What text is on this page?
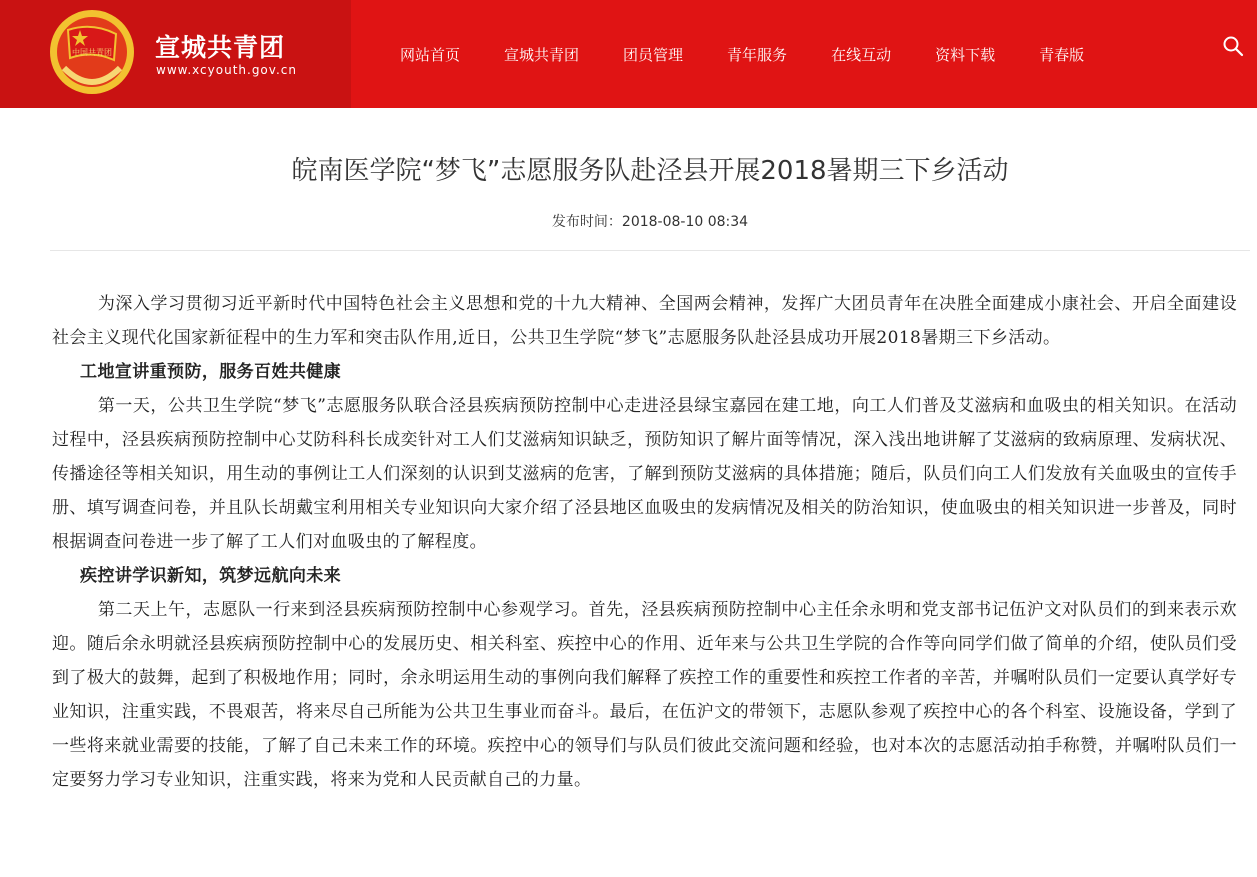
中国共青团 宣城共青团
www.xcyouth.gov.cn
网站首页	宣城共青团	团员管理	青年服务	在线互动	资料下载	青春版
皖南医学院“梦飞”志愿服务队赴泾县开展2018暑期三下乡活动
发布时间：2018-08-10 08:34

为深入学习贯彻习近平新时代中国特色社会主义思想和党的十九大精神、全国两会精神，发挥广大团员青年在决胜全面建成小康社会、开启全面建设社会主义现代化国家新征程中的生力军和突击队作用,近日，公共卫生学院“梦飞”志愿服务队赴泾县成功开展2018暑期三下乡活动。

工地宣讲重预防，服务百姓共健康

第一天，公共卫生学院“梦飞”志愿服务队联合泾县疾病预防控制中心走进泾县绿宝嘉园在建工地，向工人们普及艾滋病和血吸虫的相关知识。在活动过程中，泾县疾病预防控制中心艾防科科长成奕针对工人们艾滋病知识缺乏，预防知识了解片面等情况，深入浅出地讲解了艾滋病的致病原理、发病状况、传播途径等相关知识，用生动的事例让工人们深刻的认识到艾滋病的危害，了解到预防艾滋病的具体措施；随后，队员们向工人们发放有关血吸虫的宣传手册、填写调查问卷，并且队长胡戴宝利用相关专业知识向大家介绍了泾县地区血吸虫的发病情况及相关的防治知识，使血吸虫的相关知识进一步普及，同时根据调查问卷进一步了解了工人们对血吸虫的了解程度。

疾控讲学识新知，筑梦远航向未来

第二天上午，志愿队一行来到泾县疾病预防控制中心参观学习。首先，泾县疾病预防控制中心主任余永明和党支部书记伍沪文对队员们的到来表示欢迎。随后余永明就泾县疾病预防控制中心的发展历史、相关科室、疾控中心的作用、近年来与公共卫生学院的合作等向同学们做了简单的介绍，使队员们受到了极大的鼓舞，起到了积极地作用；同时，余永明运用生动的事例向我们解释了疾控工作的重要性和疾控工作者的辛苦，并嘱咐队员们一定要认真学好专业知识，注重实践，不畏艰苦，将来尽自己所能为公共卫生事业而奋斗。最后，在伍沪文的带领下，志愿队参观了疾控中心的各个科室、设施设备，学到了一些将来就业需要的技能，了解了自己未来工作的环境。疾控中心的领导们与队员们彼此交流问题和经验，也对本次的志愿活动拍手称赞，并嘱咐队员们一定要努力学习专业知识，注重实践，将来为党和人民贡献自己的力量。
